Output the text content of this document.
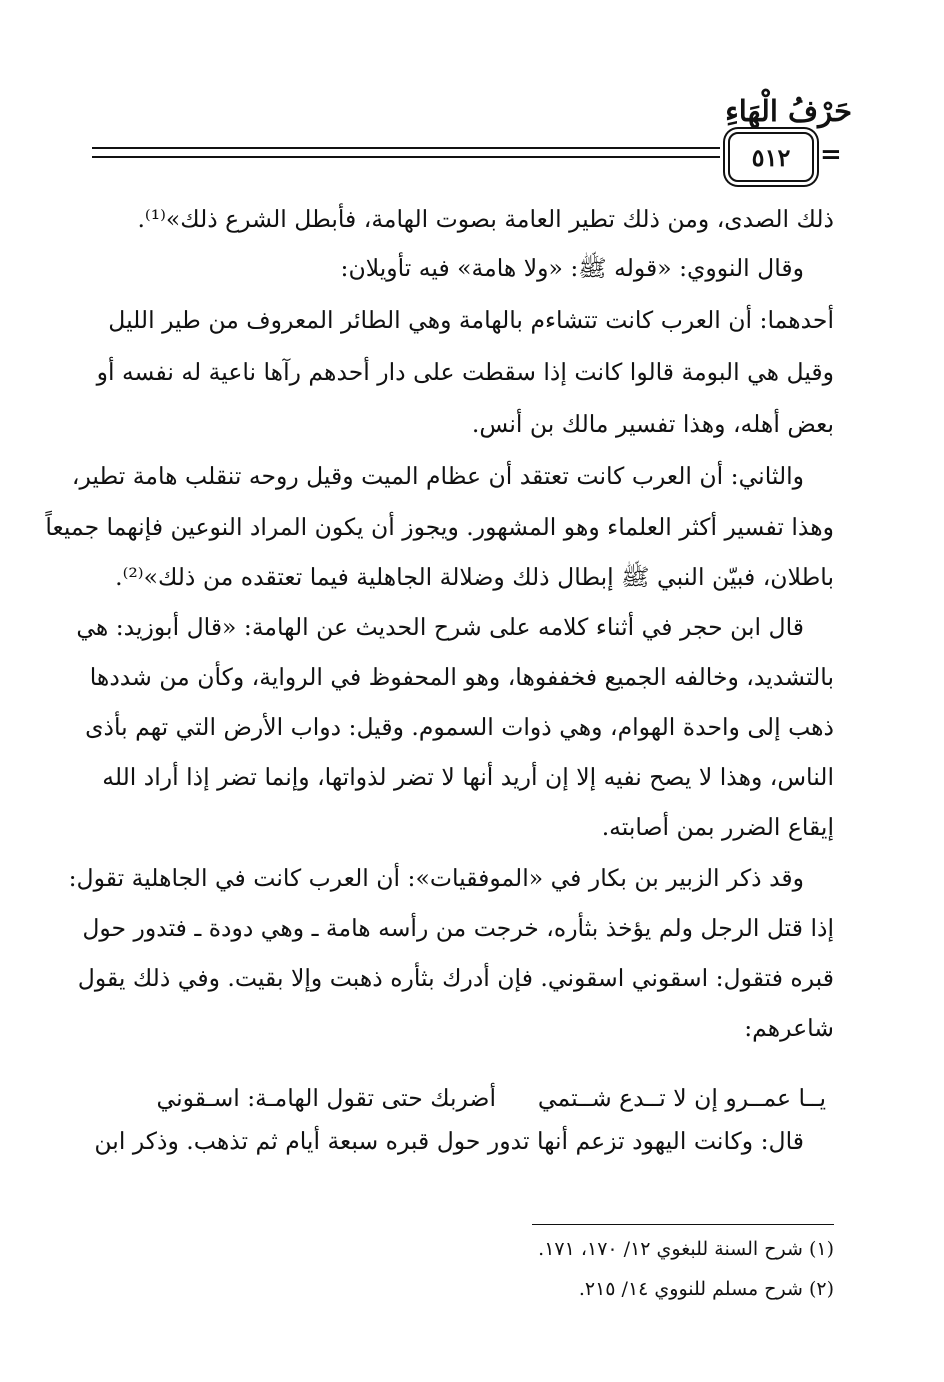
حَرْفُ الْهَاءِ
٥١٢ =
ذلك الصدى، ومن ذلك تطير العامة بصوت الهامة، فأبطل الشرع ذلك»⁽¹⁾.
وقال النووي: «قوله ﷺ: «ولا هامة» فيه تأويلان:
أحدهما: أن العرب كانت تتشاءم بالهامة وهي الطائر المعروف من طير الليل
وقيل هي البومة قالوا كانت إذا سقطت على دار أحدهم رآها ناعية له نفسه أو
بعض أهله، وهذا تفسير مالك بن أنس.
والثاني: أن العرب كانت تعتقد أن عظام الميت وقيل روحه تنقلب هامة تطير،
وهذا تفسير أكثر العلماء وهو المشهور. ويجوز أن يكون المراد النوعين فإنهما جميعاً
باطلان، فبيّن النبي ﷺ إبطال ذلك وضلالة الجاهلية فيما تعتقده من ذلك»⁽²⁾.
قال ابن حجر في أثناء كلامه على شرح الحديث عن الهامة: «قال أبوزيد: هي
بالتشديد، وخالفه الجميع فخففوها، وهو المحفوظ في الرواية، وكأن من شددها
ذهب إلى واحدة الهوام، وهي ذوات السموم. وقيل: دواب الأرض التي تهم بأذى
الناس، وهذا لا يصح نفيه إلا إن أريد أنها لا تضر لذواتها، وإنما تضر إذا أراد الله
إيقاع الضرر بمن أصابته.
وقد ذكر الزبير بن بكار في «الموفقيات»: أن العرب كانت في الجاهلية تقول:
إذا قتل الرجل ولم يؤخذ بثأره، خرجت من رأسه هامة ـ وهي دودة ـ فتدور حول
قبره فتقول: اسقوني اسقوني. فإن أدرك بثأره ذهبت وإلا بقيت. وفي ذلك يقول
شاعرهم:
يــا عمــرو إن لا تــدع شــتمي
أضربك حتى تقول الهامـة: اسـقوني
قال: وكانت اليهود تزعم أنها تدور حول قبره سبعة أيام ثم تذهب. وذكر ابن
(١) شرح السنة للبغوي ١٢/ ١٧٠، ١٧١.
(٢) شرح مسلم للنووي ١٤/ ٢١٥.
